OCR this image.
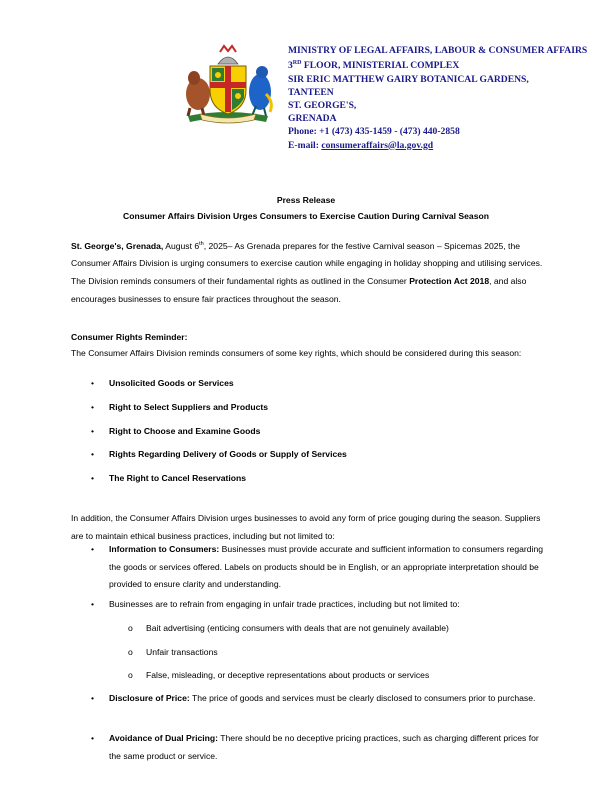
MINISTRY OF LEGAL AFFAIRS, LABOUR & CONSUMER AFFAIRS
3RD FLOOR, MINISTERIAL COMPLEX
SIR ERIC MATTHEW GAIRY BOTANICAL GARDENS,
TANTEEN
ST. GEORGE'S,
GRENADA
Phone: +1 (473) 435-1459 - (473) 440-2858
E-mail: consumeraffairs@la.gov.gd
Press Release
Consumer Affairs Division Urges Consumers to Exercise Caution During Carnival Season
St. George's, Grenada, August 6th, 2025– As Grenada prepares for the festive Carnival season – Spicemas 2025, the Consumer Affairs Division is urging consumers to exercise caution while engaging in holiday shopping and utilising services. The Division reminds consumers of their fundamental rights as outlined in the Consumer Protection Act 2018, and also encourages businesses to ensure fair practices throughout the season.
Consumer Rights Reminder:
The Consumer Affairs Division reminds consumers of some key rights, which should be considered during this season:
• Unsolicited Goods or Services
• Right to Select Suppliers and Products
• Right to Choose and Examine Goods
• Rights Regarding Delivery of Goods or Supply of Services
• The Right to Cancel Reservations
In addition, the Consumer Affairs Division urges businesses to avoid any form of price gouging during the season. Suppliers are to maintain ethical business practices, including but not limited to:
• Information to Consumers: Businesses must provide accurate and sufficient information to consumers regarding the goods or services offered. Labels on products should be in English, or an appropriate interpretation should be provided to ensure clarity and understanding.
• Businesses are to refrain from engaging in unfair trade practices, including but not limited to:
o Bait advertising (enticing consumers with deals that are not genuinely available)
o Unfair transactions
o False, misleading, or deceptive representations about products or services
• Disclosure of Price: The price of goods and services must be clearly disclosed to consumers prior to purchase.
• Avoidance of Dual Pricing: There should be no deceptive pricing practices, such as charging different prices for the same product or service.
